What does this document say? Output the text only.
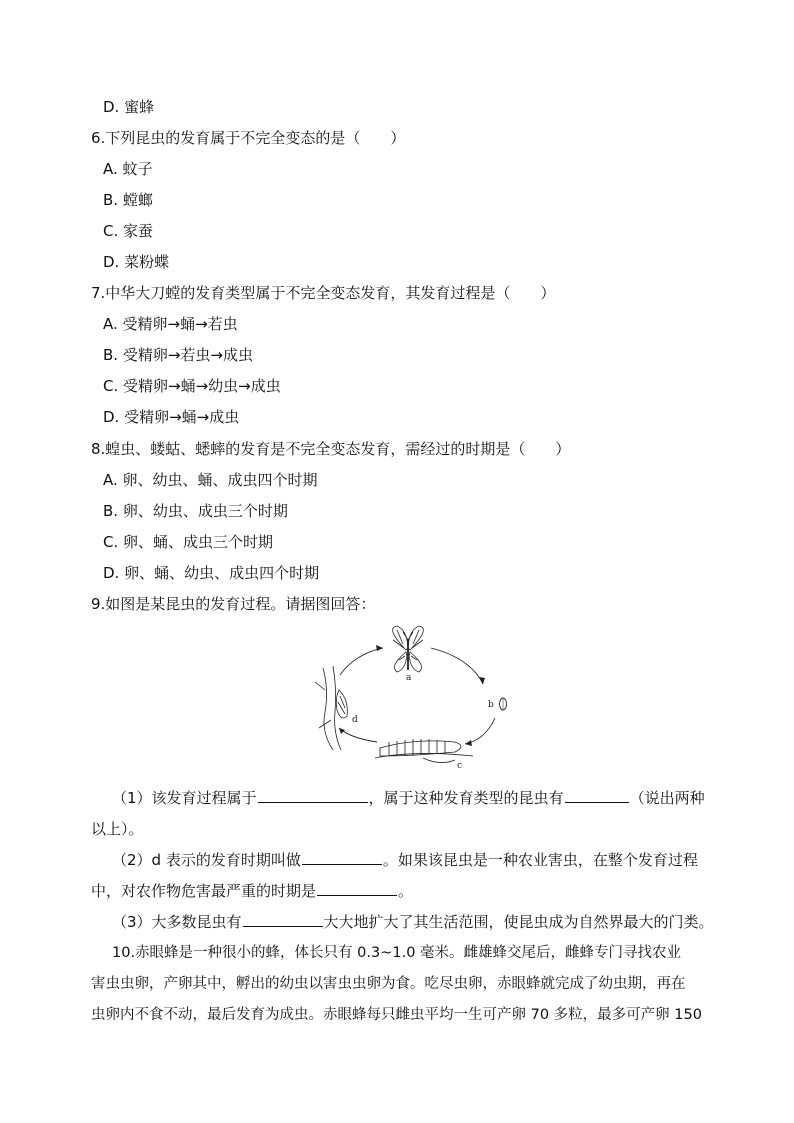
D. 蜜蜂
6.下列昆虫的发育属于不完全变态的是（　　）
A. 蚊子
B. 螳螂
C. 家蚕
D. 菜粉蝶
7.中华大刀螳的发育类型属于不完全变态发育，其发育过程是（　　）
A. 受精卵→蛹→若虫
B. 受精卵→若虫→成虫
C. 受精卵→蛹→幼虫→成虫
D. 受精卵→蛹→成虫
8.蝗虫、蝼蛄、蟋蟀的发育是不完全变态发育，需经过的时期是（　　）
A. 卵、幼虫、蛹、成虫四个时期
B. 卵、幼虫、成虫三个时期
C. 卵、蛹、成虫三个时期
D. 卵、蛹、幼虫、成虫四个时期
9.如图是某昆虫的发育过程。请据图回答：
a
b
c
d
（1）该发育过程属于	，属于这种发育类型的昆虫有	（说出两种
以上）。
（2）d 表示的发育时期叫做	。如果该昆虫是一种农业害虫，在整个发育过程
中，对农作物危害最严重的时期是	。
（3）大多数昆虫有	大大地扩大了其生活范围，使昆虫成为自然界最大的门类。
10.赤眼蜂是一种很小的蜂，体长只有 0.3~1.0 毫米。雌雄蜂交尾后，雌蜂专门寻找农业
害虫虫卵，产卵其中，孵出的幼虫以害虫虫卵为食。吃尽虫卵，赤眼蜂就完成了幼虫期，再在
虫卵内不食不动，最后发育为成虫。赤眼蜂每只雌虫平均一生可产卵 70 多粒，最多可产卵 150
